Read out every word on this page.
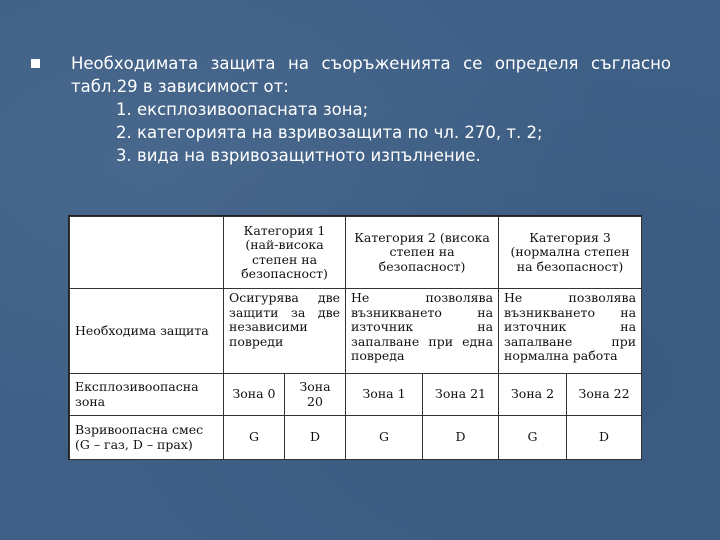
Необходимата защита на съоръженията се определя съгласно табл.29 в зависимост от:
1. експлозивоопасната зона;
2. категорията на взривозащита по чл. 270, т. 2;
3. вида на взривозащитното изпълнение.
	Категория 1 (най-висока степен на безопасност)		Категория 2 (висока степен на безопасност)		Категория 3 (нормална степен на безопасност)	
Необходима защита	Осигурява две защити за две независими повреди		Не позволява възникването на източник на запалване при една повреда		Не позволява възникването на източник на запалване при нормална работа	
Експлозивоопасна зона	Зона 0	Зона 20	Зона 1	Зона 21	Зона 2	Зона 22
Взривоопасна смес (G – газ, D – прах)	G	D	G	D	G	D
